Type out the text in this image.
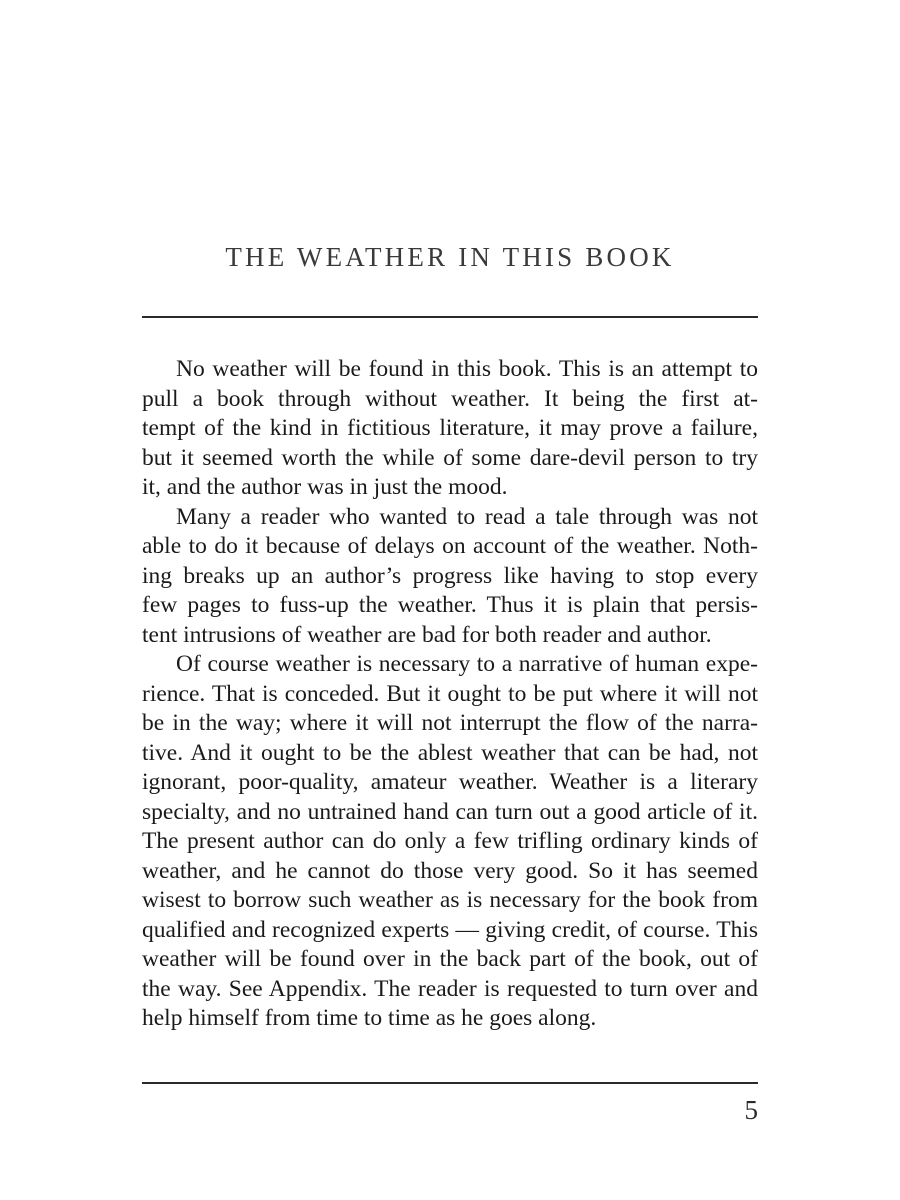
THE WEATHER IN THIS BOOK
No weather will be found in this book. This is an attempt to
pull a book through without weather. It being the first at-
tempt of the kind in fictitious literature, it may prove a failure,
but it seemed worth the while of some dare-devil person to try
it, and the author was in just the mood.
Many a reader who wanted to read a tale through was not
able to do it because of delays on account of the weather. Noth-
ing breaks up an author’s progress like having to stop every
few pages to fuss-up the weather. Thus it is plain that persis-
tent intrusions of weather are bad for both reader and author.
Of course weather is necessary to a narrative of human expe-
rience. That is conceded. But it ought to be put where it will not
be in the way; where it will not interrupt the flow of the narra-
tive. And it ought to be the ablest weather that can be had, not
ignorant, poor-quality, amateur weather. Weather is a literary
specialty, and no untrained hand can turn out a good article of it.
The present author can do only a few trifling ordinary kinds of
weather, and he cannot do those very good. So it has seemed
wisest to borrow such weather as is necessary for the book from
qualified and recognized experts — giving credit, of course. This
weather will be found over in the back part of the book, out of
the way. See Appendix. The reader is requested to turn over and
help himself from time to time as he goes along.
5
